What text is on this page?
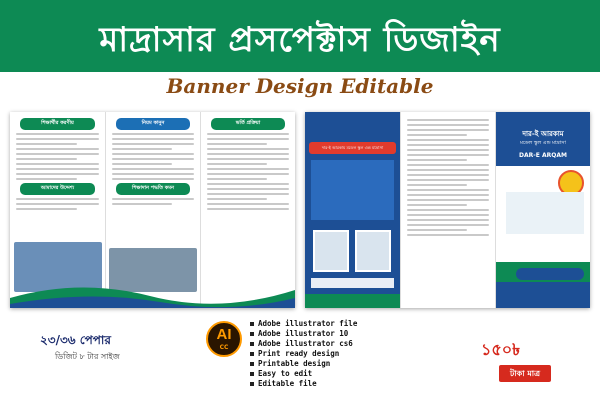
মাদ্রাসার প্রসপেক্টাস ডিজাইন
Banner Design Editable
শিক্ষার্থীর করণীয়
আমাদের উদ্দেশ্য
নিয়ম কানুন
শিক্ষাদান পদ্ধতি কমন
ভর্তি প্রক্রিয়া
দার-ই আরকাম মডেল স্কুল এন্ড মাদ্রাসা
দার-ই আরকাম
মডেল স্কুল এন্ড মাদ্রাসা
DAR-E ARQAM
২৩/৩৬ পেপার
ডিজিট ৮ টার সাইজ
AI
CC
Adobe illustrator file
Adobe illustrator 10
Adobe illustrator cs6
Print ready design
Printable design
Easy to edit
Editable file
১৫০৳
টাকা মাত্র
